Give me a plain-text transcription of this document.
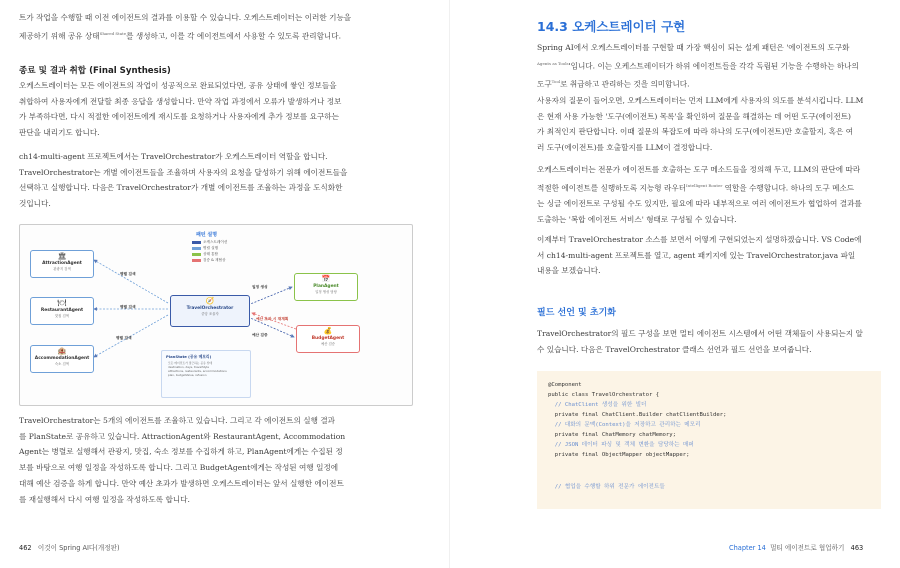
트가 작업을 수행할 때 이전 에이전트의 결과를 이용할 수 있습니다. 오케스트레이터는 이러한 기능을

제공하기 위해 공유 상태$^{Shared State}$를 생성하고, 이를 각 에이전트에서 사용할 수 있도록 관리합니다.

종료 및 결과 취합 (Final Synthesis)

오케스트레이터는 모든 에이전트의 작업이 성공적으로 완료되었다면, 공유 상태에 쌓인 정보들을

취합하여 사용자에게 전달할 최종 응답을 생성합니다. 만약 작업 과정에서 오류가 발생하거나 정보

가 부족하다면, 다시 적절한 에이전트에게 재시도를 요청하거나 사용자에게 추가 정보를 요구하는

판단을 내리기도 합니다.

ch14-multi-agent 프로젝트에서는 TravelOrchestrator가 오케스트레이터 역할을 합니다.

TravelOrchestrator는 개별 에이전트들을 조율하며 사용자의 요청을 달성하기 위해 에이전트들을

선택하고 실행합니다. 다음은 TravelOrchestrator가 개별 에이전트를 조율하는 과정을 도식화한

것입니다.

패턴 설명
오케스트레이션
병렬 실행
상태 통합
검증 & 재협상
🏛
AttractionAgent
관광지 검색
🍽
RestaurantAgent
맛집 검색
🏨
AccommodationAgent
숙소 검색
🧭
TravelOrchestrator
중앙 조율자
📅
PlanAgent
일정 생성 담당
💰
BudgetAgent
예산 검증
병렬 검색
병렬 검색
병렬 검색
일정 생성
예산 초과 시 재계획
예산 검증
PlanState (공유 메모리)
모든 에이전트가 접근하는 공유 상태
destination, days, travelStyle
attractions, restaurants, accommodations
plan, budgetValue, refusion

TravelOrchestrator는 5개의 에이전트를 조율하고 있습니다. 그리고 각 에이전트의 실행 결과

를 PlanState로 공유하고 있습니다. AttractionAgent와 RestaurantAgent, Accommodation

Agent는 병렬로 실행해서 관광지, 맛집, 숙소 정보를 수집하게 하고, PlanAgent에게는 수집된 정

보를 바탕으로 여행 일정을 작성하도록 합니다. 그리고 BudgetAgent에게는 작성된 여행 일정에

대해 예산 검증을 하게 합니다. 만약 예산 초과가 발생하면 오케스트레이터는 앞서 실행한 에이전트

를 재실행해서 다시 여행 일정을 작성하도록 합니다.

462 이것이 Spring AI다(개정판)

14.3 오케스트레이터 구현

Spring AI에서 오케스트레이터를 구현할 때 가장 핵심이 되는 설계 패턴은 '에이전트의 도구화

$^{Agents as Tools}$'입니다. 이는 오케스트레이터가 하위 에이전트들을 각각 독립된 기능을 수행하는 하나의

도구$^{Tool}$로 취급하고 관리하는 것을 의미합니다.

사용자의 질문이 들어오면, 오케스트레이터는 먼저 LLM에게 사용자의 의도를 분석시킵니다. LLM

은 현재 사용 가능한 '도구(에이전트) 목록'을 확인하여 질문을 해결하는 데 어떤 도구(에이전트)

가 최적인지 판단합니다. 이때 질문의 복잡도에 따라 하나의 도구(에이전트)만 호출할지, 혹은 여

러 도구(에이전트)를 호출할지를 LLM이 결정합니다.

오케스트레이터는 전문가 에이전트를 호출하는 도구 메소드들을 정의해 두고, LLM의 판단에 따라

적절한 에이전트를 실행하도록 지능형 라우터$^{Intelligent Router}$ 역할을 수행합니다. 하나의 도구 메소드

는 싱글 에이전트로 구성될 수도 있지만, 필요에 따라 내부적으로 여러 에이전트가 협업하여 결과를

도출하는 '복합 에이전트 서비스' 형태로 구성될 수 있습니다.

이제부터 TravelOrchestrator 소스를 보면서 어떻게 구현되었는지 설명하겠습니다. VS Code에

서 ch14-multi-agent 프로젝트를 열고, agent 패키지에 있는 TravelOrchestrator.java 파일

내용을 보겠습니다.

필드 선언 및 초기화

TravelOrchestrator의 필드 구성을 보면 멀티 에이전트 시스템에서 어떤 객체들이 사용되는지 알

수 있습니다. 다음은 TravelOrchestrator 클래스 선언과 필드 선언을 보여줍니다.

@Component
public class TravelOrchestrator {
// ChatClient 생성을 위한 빌더
private final ChatClient.Builder chatClientBuilder;
// 대화의 문맥(Context)을 저장하고 관리하는 메모리
private final ChatMemory chatMemory;
// JSON 데이터 파싱 및 객체 변환을 담당하는 매퍼
private final ObjectMapper objectMapper;
// 협업을 수행할 하위 전문가 에이전트들
Chapter 14 멀티 에이전트로 협업하기 463
